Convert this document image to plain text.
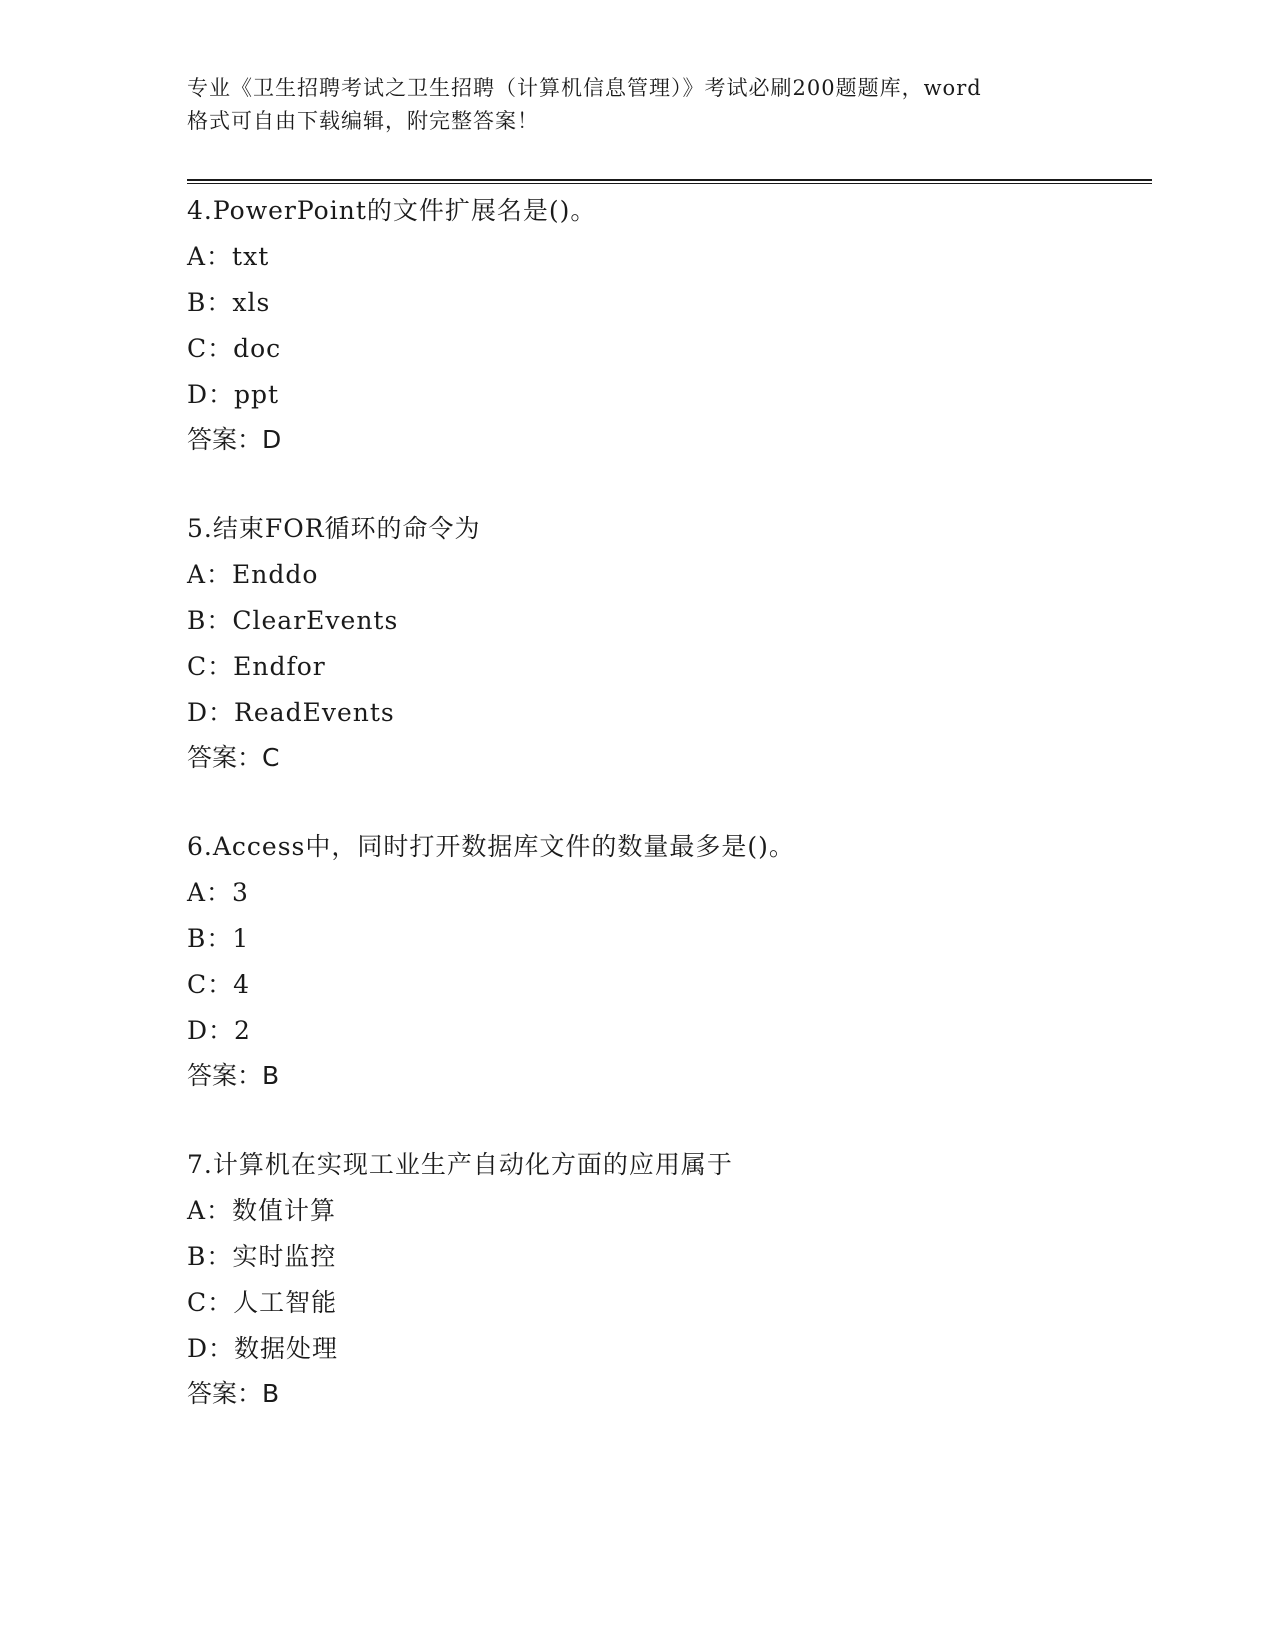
专业《卫生招聘考试之卫生招聘（计算机信息管理）》考试必刷200题题库，word
格式可自由下载编辑，附完整答案！
4.PowerPoint的文件扩展名是()。
A：txt
B：xls
C：doc
D：ppt
答案：D
5.结束FOR循环的命令为
A：Enddo
B：ClearEvents
C：Endfor
D：ReadEvents
答案：C
6.Access中，同时打开数据库文件的数量最多是()。
A：3
B：1
C：4
D：2
答案：B
7.计算机在实现工业生产自动化方面的应用属于
A：数值计算
B：实时监控
C：人工智能
D：数据处理
答案：B
